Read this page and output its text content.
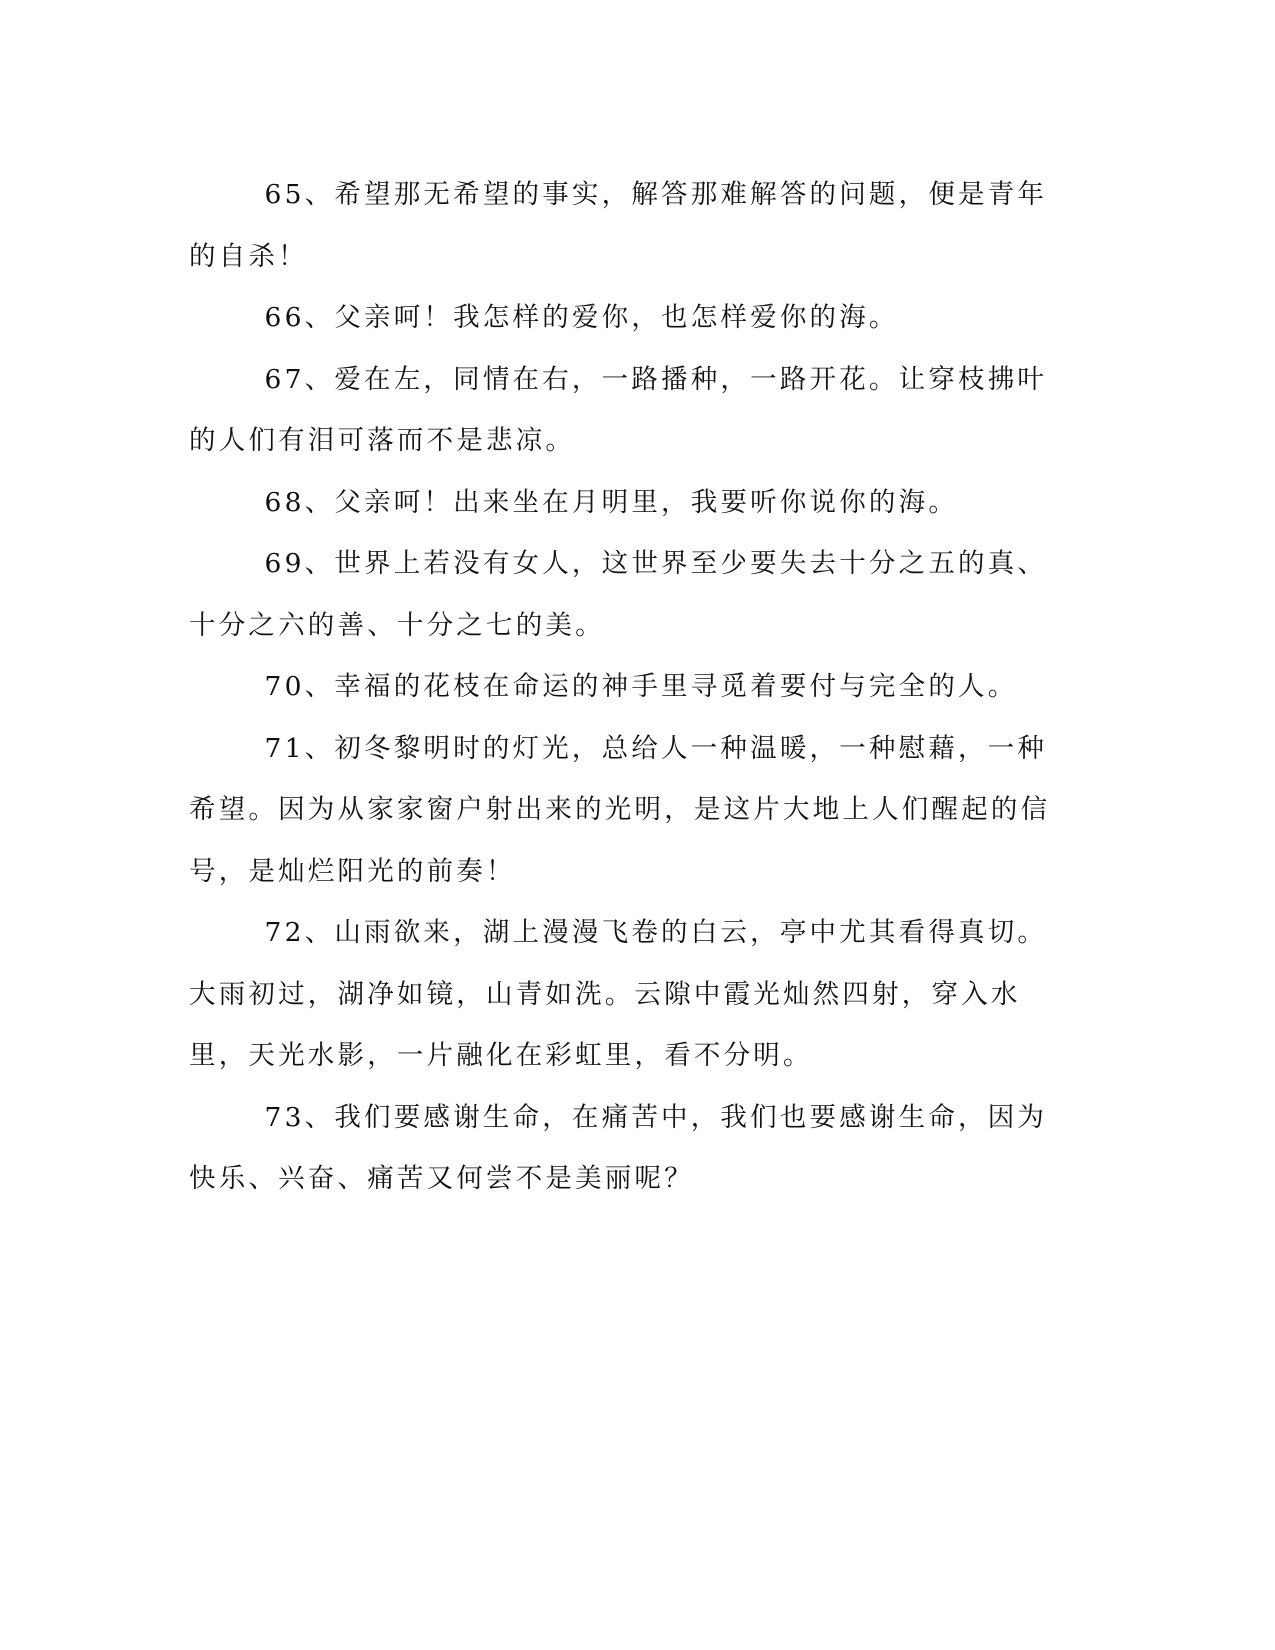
65、希望那无希望的事实，解答那难解答的问题，便是青年的自杀！

66、父亲呵！我怎样的爱你，也怎样爱你的海。

67、爱在左，同情在右，一路播种，一路开花。让穿枝拂叶的人们有泪可落而不是悲凉。

68、父亲呵！出来坐在月明里，我要听你说你的海。

69、世界上若没有女人，这世界至少要失去十分之五的真、十分之六的善、十分之七的美。

70、幸福的花枝在命运的神手里寻觅着要付与完全的人。

71、初冬黎明时的灯光，总给人一种温暖，一种慰藉，一种希望。因为从家家窗户射出来的光明，是这片大地上人们醒起的信号，是灿烂阳光的前奏！

72、山雨欲来，湖上漫漫飞卷的白云，亭中尤其看得真切。大雨初过，湖净如镜，山青如洗。云隙中霞光灿然四射，穿入水里，天光水影，一片融化在彩虹里，看不分明。

73、我们要感谢生命，在痛苦中，我们也要感谢生命，因为快乐、兴奋、痛苦又何尝不是美丽呢？
